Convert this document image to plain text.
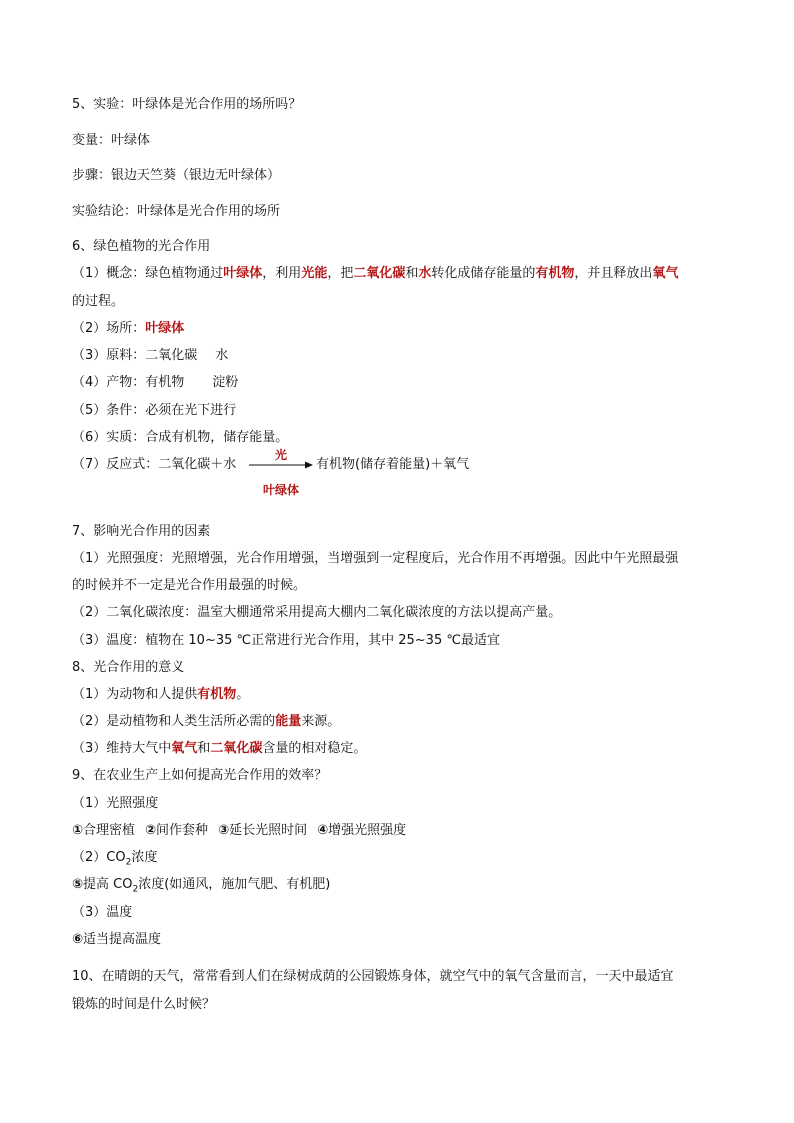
5、实验：叶绿体是光合作用的场所吗？
变量：叶绿体
步骤：银边天竺葵（银边无叶绿体）
实验结论：叶绿体是光合作用的场所
6、绿色植物的光合作用
（1）概念：绿色植物通过叶绿体，利用光能，把二氧化碳和水转化成储存能量的有机物，并且释放出氧气
的过程。
（2）场所：叶绿体
（3）原料：二氧化碳 水
（4）产物：有机物 淀粉
（5）条件：必须在光下进行
（6）实质：合成有机物，储存能量。
（7）反应式：二氧化碳＋水
光
叶绿体
有机物(储存着能量)＋氧气
7、影响光合作用的因素
（1）光照强度：光照增强，光合作用增强，当增强到一定程度后，光合作用不再增强。因此中午光照最强
的时候并不一定是光合作用最强的时候。
（2）二氧化碳浓度：温室大棚通常采用提高大棚内二氧化碳浓度的方法以提高产量。
（3）温度：植物在 10~35 ℃正常进行光合作用，其中 25~35 ℃最适宜
8、光合作用的意义
（1）为动物和人提供有机物。
（2）是动植物和人类生活所必需的能量来源。
（3）维持大气中氧气和二氧化碳含量的相对稳定。
9、在农业生产上如何提高光合作用的效率？
（1）光照强度
①合理密植 ②间作套种 ③延长光照时间 ④增强光照强度
$(2)CO_2$浓度
⑤提高 $CO_2$浓度(如通风，施加气肥、有机肥)
（3）温度
⑥适当提高温度
10、在晴朗的天气，常常看到人们在绿树成荫的公园锻炼身体，就空气中的氧气含量而言，一天中最适宜
锻炼的时间是什么时候？
